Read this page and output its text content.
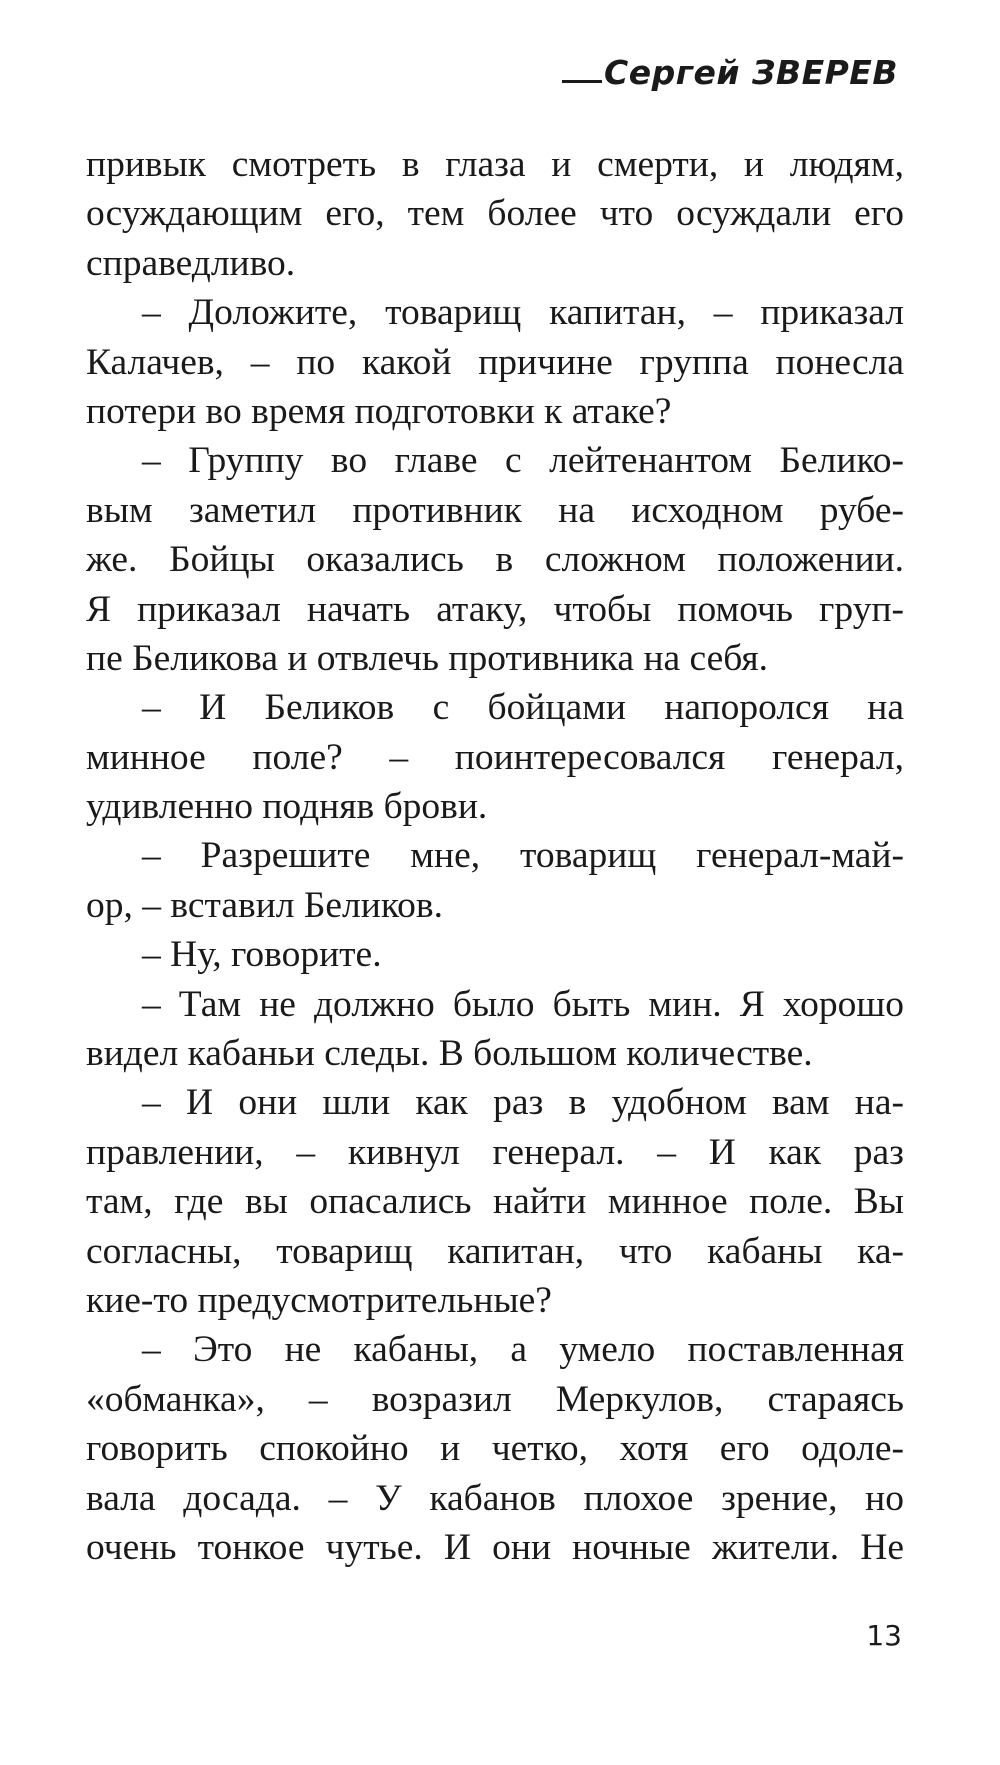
Сергей ЗВЕРЕВ
привык смотреть в глаза и смерти, и людям,
осуждающим его, тем более что осуждали его
справедливо.
– Доложите, товарищ капитан, – приказал
Калачев, – по какой причине группа понесла
потери во время подготовки к атаке?
– Группу во главе с лейтенантом Белико-
вым заметил противник на исходном рубе-
же. Бойцы оказались в сложном положении.
Я приказал начать атаку, чтобы помочь груп-
пе Беликова и отвлечь противника на себя.
– И Беликов с бойцами напоролся на
минное поле? – поинтересовался генерал,
удивленно подняв брови.
– Разрешите мне, товарищ генерал-май-
ор, – вставил Беликов.
– Ну, говорите.
– Там не должно было быть мин. Я хорошо
видел кабаньи следы. В большом количестве.
– И они шли как раз в удобном вам на-
правлении, – кивнул генерал. – И как раз
там, где вы опасались найти минное поле. Вы
согласны, товарищ капитан, что кабаны ка-
кие-то предусмотрительные?
– Это не кабаны, а умело поставленная
«обманка», – возразил Меркулов, стараясь
говорить спокойно и четко, хотя его одоле-
вала досада. – У кабанов плохое зрение, но
очень тонкое чутье. И они ночные жители. Не
13
